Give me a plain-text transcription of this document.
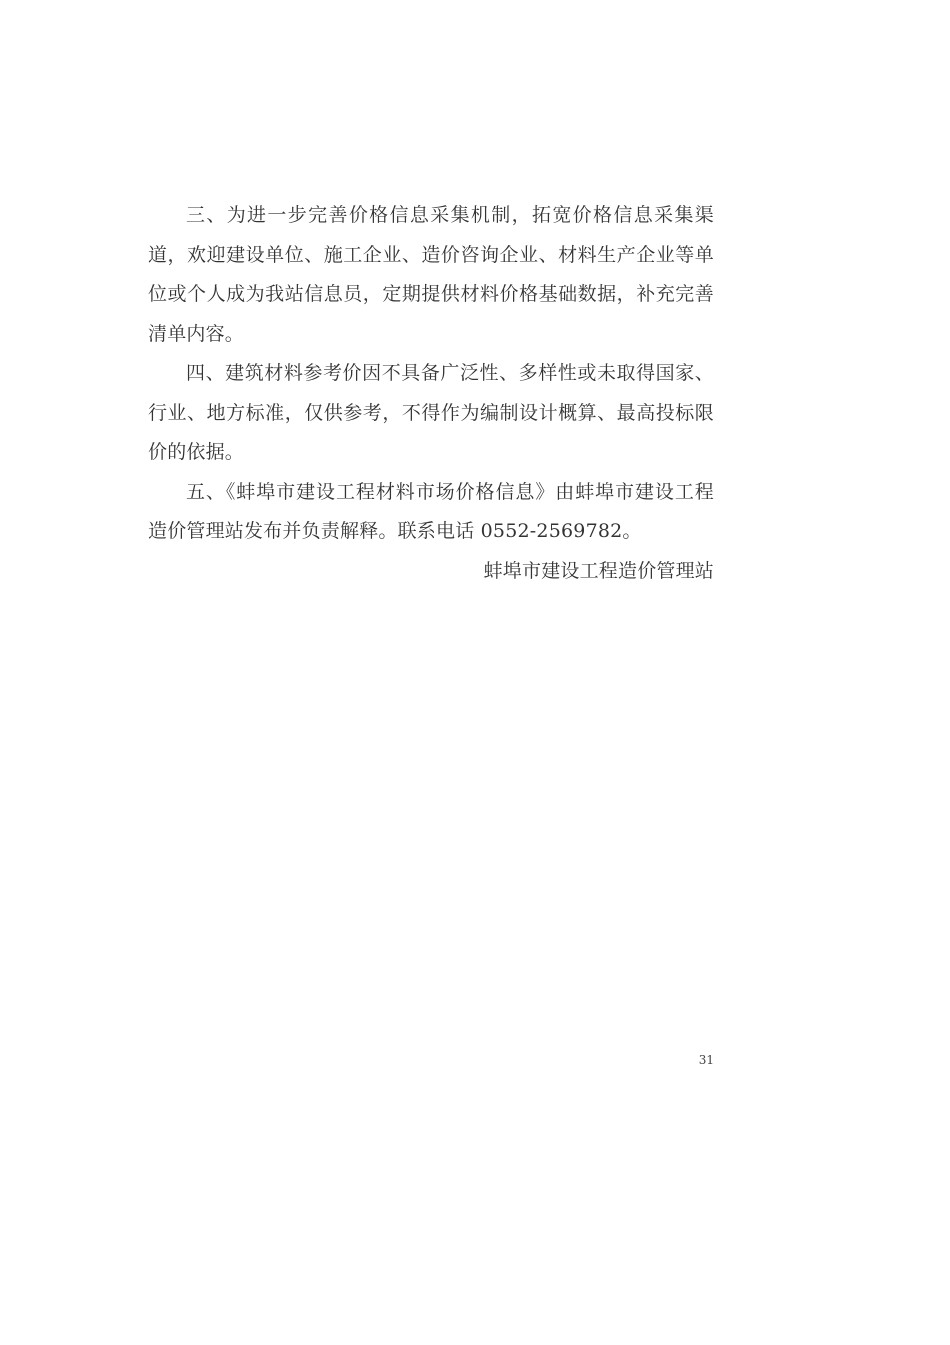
三、为进一步完善价格信息采集机制，拓宽价格信息采集渠道，欢迎建设单位、施工企业、造价咨询企业、材料生产企业等单位或个人成为我站信息员，定期提供材料价格基础数据，补充完善清单内容。

四、建筑材料参考价因不具备广泛性、多样性或未取得国家、行业、地方标准，仅供参考，不得作为编制设计概算、最高投标限价的依据。

五、《蚌埠市建设工程材料市场价格信息》由蚌埠市建设工程造价管理站发布并负责解释。联系电话 0552-2569782。

蚌埠市建设工程造价管理站

31
